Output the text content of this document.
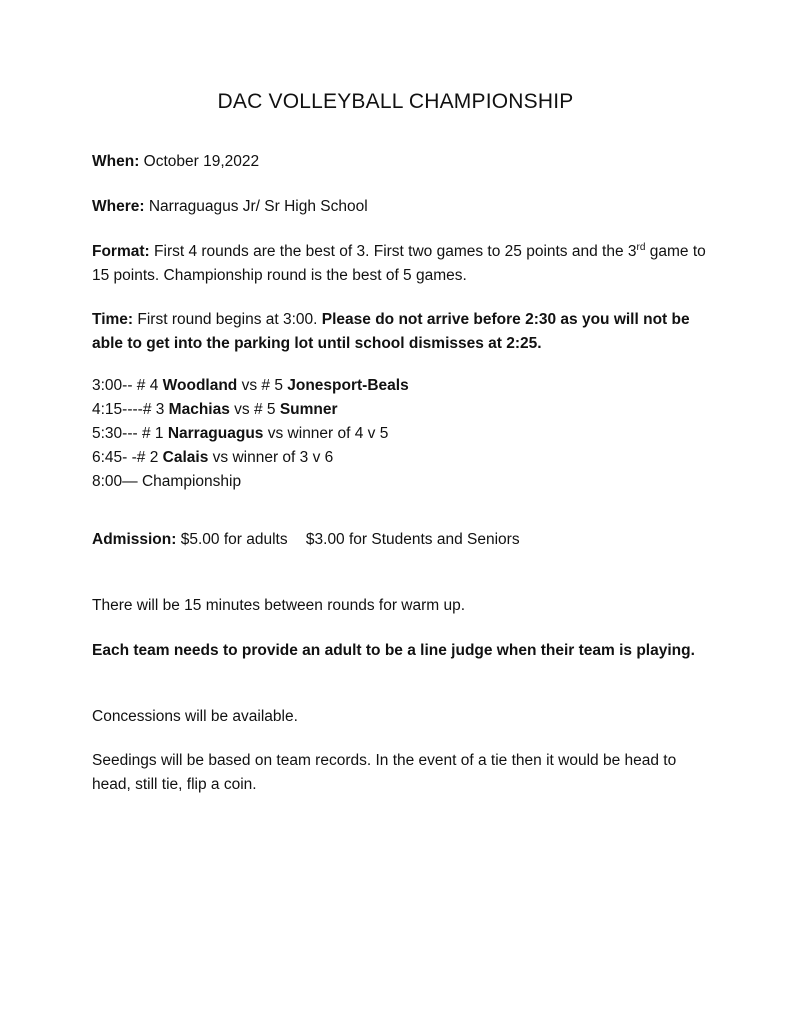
DAC VOLLEYBALL CHAMPIONSHIP
When: October 19,2022
Where: Narraguagus Jr/ Sr High School
Format: First 4 rounds are the best of 3. First two games to 25 points and the 3rd game to 15 points. Championship round is the best of 5 games.
Time: First round begins at 3:00. Please do not arrive before 2:30 as you will not be able to get into the parking lot until school dismisses at 2:25.
3:00-- # 4 Woodland vs # 5 Jonesport-Beals
4:15----# 3 Machias vs # 5 Sumner
5:30--- # 1 Narraguagus vs winner of 4 v 5
6:45- -# 2 Calais vs winner of 3 v 6
8:00— Championship
Admission: $5.00 for adults $3.00 for Students and Seniors
There will be 15 minutes between rounds for warm up.
Each team needs to provide an adult to be a line judge when their team is playing.
Concessions will be available.
Seedings will be based on team records. In the event of a tie then it would be head to head, still tie, flip a coin.
